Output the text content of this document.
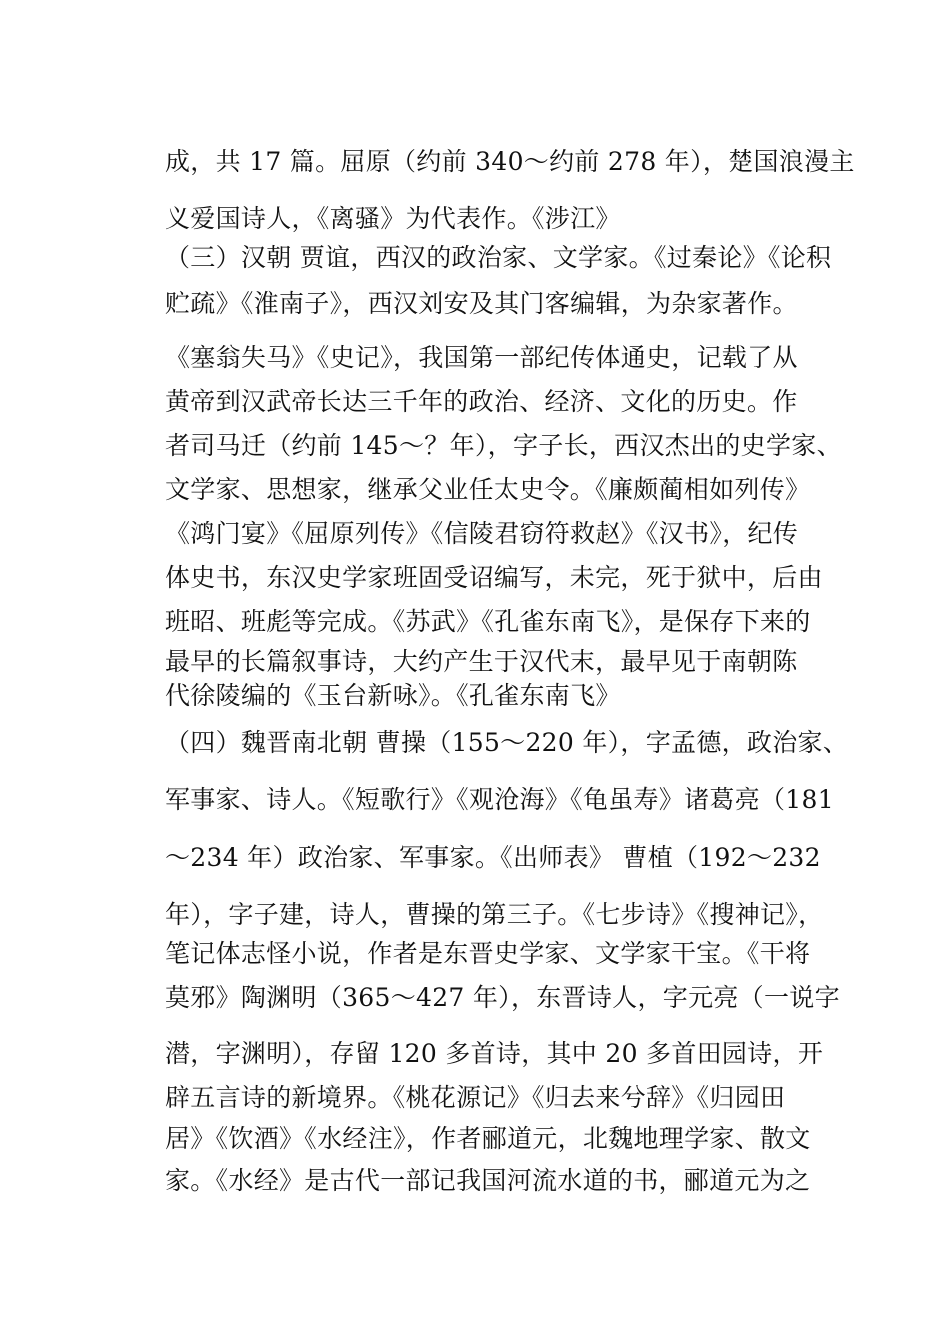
成，共 17 篇。屈原（约前 340～约前 278 年），楚国浪漫主
义爱国诗人，《离骚》为代表作。《涉江》
（三）汉朝 贾谊，西汉的政治家、文学家。《过秦论》《论积
贮疏》《淮南子》，西汉刘安及其门客编辑，为杂家著作。
《塞翁失马》《史记》，我国第一部纪传体通史，记载了从
黄帝到汉武帝长达三千年的政治、经济、文化的历史。作
者司马迁（约前 145～？年），字子长，西汉杰出的史学家、
文学家、思想家，继承父业任太史令。《廉颇蔺相如列传》
《鸿门宴》《屈原列传》《信陵君窃符救赵》《汉书》，纪传
体史书，东汉史学家班固受诏编写，未完，死于狱中，后由
班昭、班彪等完成。《苏武》《孔雀东南飞》，是保存下来的
最早的长篇叙事诗，大约产生于汉代末，最早见于南朝陈
代徐陵编的《玉台新咏》。《孔雀东南飞》
（四）魏晋南北朝 曹操（155～220 年），字孟德，政治家、
军事家、诗人。《短歌行》《观沧海》《龟虽寿》诸葛亮（181
～234 年）政治家、军事家。《出师表》 曹植（192～232
年），字子建，诗人，曹操的第三子。《七步诗》《搜神记》，
笔记体志怪小说，作者是东晋史学家、文学家干宝。《干将
莫邪》陶渊明（365～427 年），东晋诗人，字元亮（一说字
潜，字渊明），存留 120 多首诗，其中 20 多首田园诗，开
辟五言诗的新境界。《桃花源记》《归去来兮辞》《归园田
居》《饮酒》《水经注》，作者郦道元，北魏地理学家、散文
家。《水经》是古代一部记我国河流水道的书，郦道元为之
